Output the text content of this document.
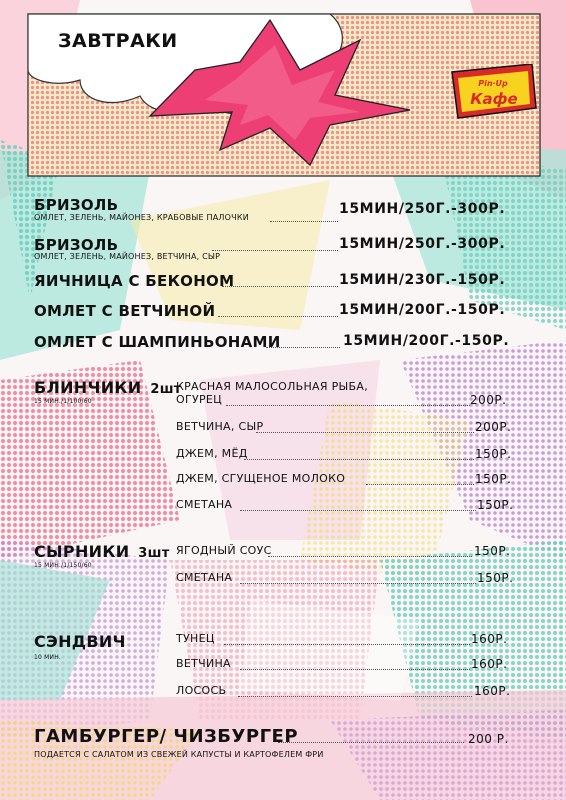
ЗАВТРАКИ
Pin·Up
Кафе
БРИЗОЛЬ
ОМЛЕТ, ЗЕЛЕНЬ, МАЙОНЕЗ, КРАБОВЫЕ ПАЛОЧКИ
15МИН/250Г.-300Р.
БРИЗОЛЬ
ОМЛЕТ, ЗЕЛЕНЬ, МАЙОНЕЗ, ВЕТЧИНА, СЫР
15МИН/250Г.-300Р.
ЯИЧНИЦА С БЕКОНОМ	15МИН/230Г.-150Р.
ОМЛЕТ С ВЕТЧИНОЙ	15МИН/200Г.-150Р.
ОМЛЕТ С ШАМПИНЬОНАМИ	15МИН/200Г.-150Р.
БЛИНЧИКИ 2шт
15 МИН./1/100/60
КРАСНАЯ МАЛОСОЛЬНАЯ РЫБА,
ОГУРЕЦ	200Р.
ВЕТЧИНА, СЫР	200Р.
ДЖЕМ, МЁД	150Р.
ДЖЕМ, СГУЩЕНОЕ МОЛОКО	150Р.
СМЕТАНА	150Р.
СЫРНИКИ 3шт
15 МИН./1/150/60
ЯГОДНЫЙ СОУС	150Р.
СМЕТАНА	150Р.
СЭНДВИЧ
10 МИН.
ТУНЕЦ	160Р.
ВЕТЧИНА	160Р.
ЛОСОСЬ	160Р.
ГАМБУРГЕР/ ЧИЗБУРГЕР	200 Р.
ПОДАЕТСЯ С САЛАТОМ ИЗ СВЕЖЕЙ КАПУСТЫ И КАРТОФЕЛЕМ ФРИ
